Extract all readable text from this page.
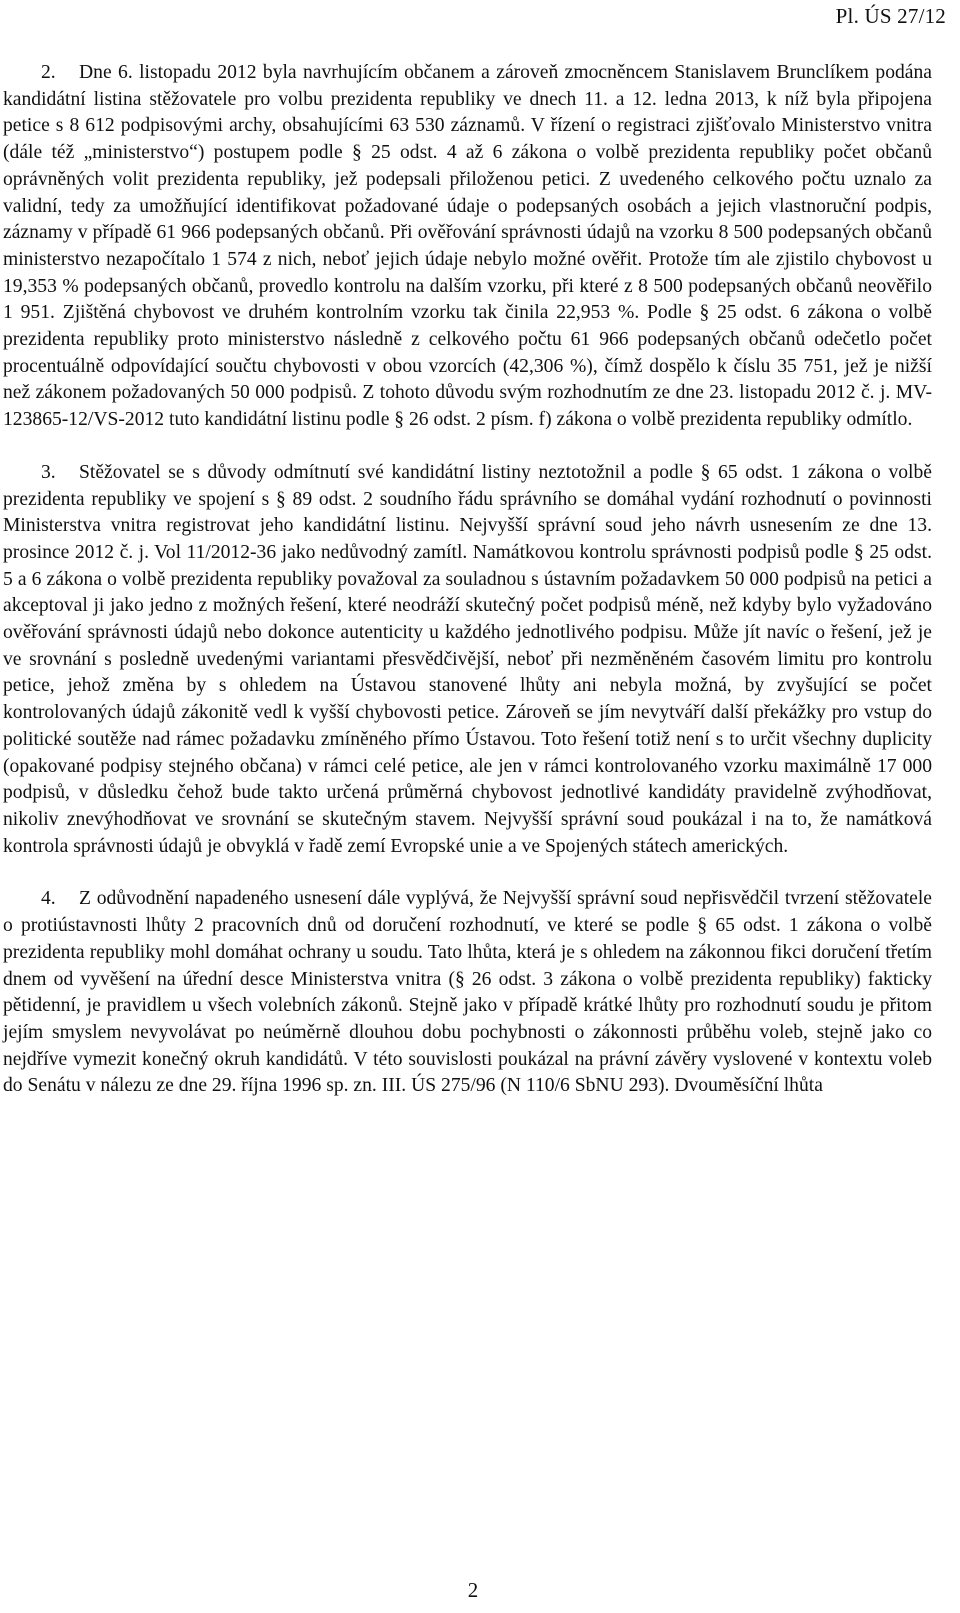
Pl. ÚS 27/12

2. Dne 6. listopadu 2012 byla navrhujícím občanem a zároveň zmocněncem Stanislavem Brunclíkem podána kandidátní listina stěžovatele pro volbu prezidenta republiky ve dnech 11. a 12. ledna 2013, k níž byla připojena petice s 8 612 podpisovými archy, obsahujícími 63 530 záznamů. V řízení o registraci zjišťovalo Ministerstvo vnitra (dále též „ministerstvo“) postupem podle § 25 odst. 4 až 6 zákona o volbě prezidenta republiky počet občanů oprávněných volit prezidenta republiky, jež podepsali přiloženou petici. Z uvedeného celkového počtu uznalo za validní, tedy za umožňující identifikovat požadované údaje o podepsaných osobách a jejich vlastnoruční podpis, záznamy v případě 61 966 podepsaných občanů. Při ověřování správnosti údajů na vzorku 8 500 podepsaných občanů ministerstvo nezapočítalo 1 574 z nich, neboť jejich údaje nebylo možné ověřit. Protože tím ale zjistilo chybovost u 19,353 % podepsaných občanů, provedlo kontrolu na dalším vzorku, při které z 8 500 podepsaných občanů neověřilo 1 951. Zjištěná chybovost ve druhém kontrolním vzorku tak činila 22,953 %. Podle § 25 odst. 6 zákona o volbě prezidenta republiky proto ministerstvo následně z celkového počtu 61 966 podepsaných občanů odečetlo počet procentuálně odpovídající součtu chybovosti v obou vzorcích (42,306 %), čímž dospělo k číslu 35 751, jež je nižší než zákonem požadovaných 50 000 podpisů. Z tohoto důvodu svým rozhodnutím ze dne 23. listopadu 2012 č. j. MV-123865-12/VS-2012 tuto kandidátní listinu podle § 26 odst. 2 písm. f) zákona o volbě prezidenta republiky odmítlo.

3. Stěžovatel se s důvody odmítnutí své kandidátní listiny neztotožnil a podle § 65 odst. 1 zákona o volbě prezidenta republiky ve spojení s § 89 odst. 2 soudního řádu správního se domáhal vydání rozhodnutí o povinnosti Ministerstva vnitra registrovat jeho kandidátní listinu. Nejvyšší správní soud jeho návrh usnesením ze dne 13. prosince 2012 č. j. Vol 11/2012-36 jako nedůvodný zamítl. Namátkovou kontrolu správnosti podpisů podle § 25 odst. 5 a 6 zákona o volbě prezidenta republiky považoval za souladnou s ústavním požadavkem 50 000 podpisů na petici a akceptoval ji jako jedno z možných řešení, které neodráží skutečný počet podpisů méně, než kdyby bylo vyžadováno ověřování správnosti údajů nebo dokonce autenticity u každého jednotlivého podpisu. Může jít navíc o řešení, jež je ve srovnání s posledně uvedenými variantami přesvědčivější, neboť při nezměněném časovém limitu pro kontrolu petice, jehož změna by s ohledem na Ústavou stanovené lhůty ani nebyla možná, by zvyšující se počet kontrolovaných údajů zákonitě vedl k vyšší chybovosti petice. Zároveň se jím nevytváří další překážky pro vstup do politické soutěže nad rámec požadavku zmíněného přímo Ústavou. Toto řešení totiž není s to určit všechny duplicity (opakované podpisy stejného občana) v rámci celé petice, ale jen v rámci kontrolovaného vzorku maximálně 17 000 podpisů, v důsledku čehož bude takto určená průměrná chybovost jednotlivé kandidáty pravidelně zvýhodňovat, nikoliv znevýhodňovat ve srovnání se skutečným stavem. Nejvyšší správní soud poukázal i na to, že namátková kontrola správnosti údajů je obvyklá v řadě zemí Evropské unie a ve Spojených státech amerických.

4. Z odůvodnění napadeného usnesení dále vyplývá, že Nejvyšší správní soud nepřisvědčil tvrzení stěžovatele o protiústavnosti lhůty 2 pracovních dnů od doručení rozhodnutí, ve které se podle § 65 odst. 1 zákona o volbě prezidenta republiky mohl domáhat ochrany u soudu. Tato lhůta, která je s ohledem na zákonnou fikci doručení třetím dnem od vyvěšení na úřední desce Ministerstva vnitra (§ 26 odst. 3 zákona o volbě prezidenta republiky) fakticky pětidenní, je pravidlem u všech volebních zákonů. Stejně jako v případě krátké lhůty pro rozhodnutí soudu je přitom jejím smyslem nevyvolávat po neúměrně dlouhou dobu pochybnosti o zákonnosti průběhu voleb, stejně jako co nejdříve vymezit konečný okruh kandidátů. V této souvislosti poukázal na právní závěry vyslovené v kontextu voleb do Senátu v nálezu ze dne 29. října 1996 sp. zn. III. ÚS 275/96 (N 110/6 SbNU 293). Dvouměsíční lhůta

2
